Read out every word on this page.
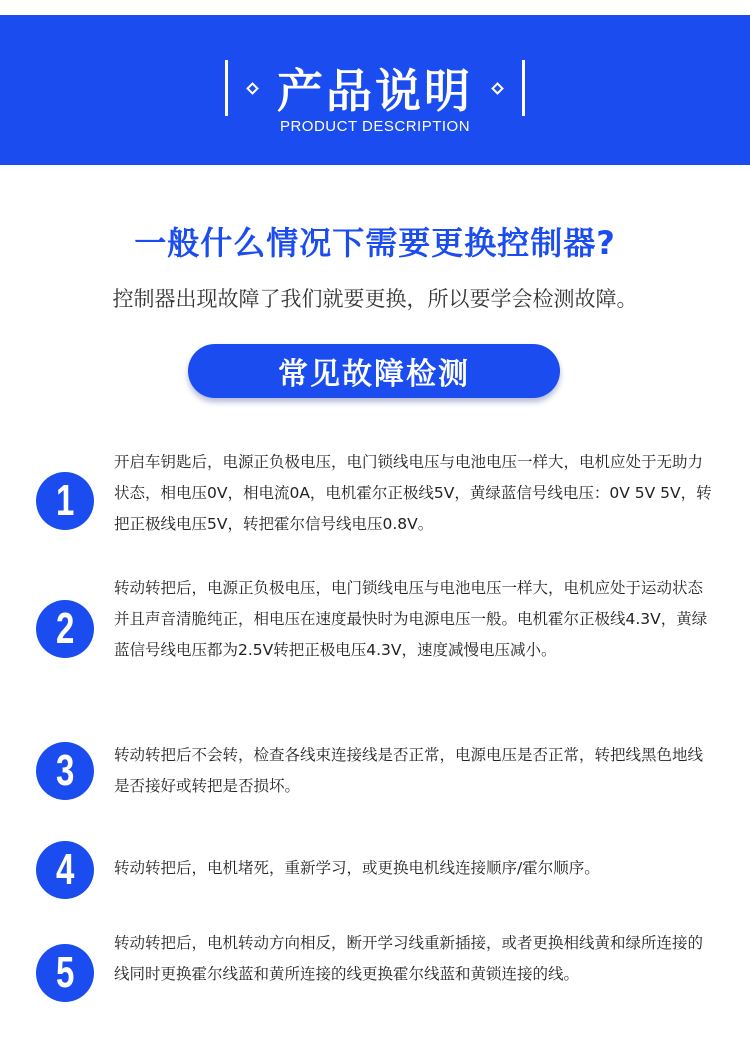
产品说明
PRODUCT DESCRIPTION
一般什么情况下需要更换控制器?
控制器出现故障了我们就要更换，所以要学会检测故障。
常见故障检测
1
开启车钥匙后，电源正负极电压，电门锁线电压与电池电压一样大，电机应处于无助力状态，相电压0V，相电流0A，电机霍尔正极线5V，黄绿蓝信号线电压：0V 5V 5V，转把正极线电压5V，转把霍尔信号线电压0.8V。
2
转动转把后，电源正负极电压，电门锁线电压与电池电压一样大，电机应处于运动状态并且声音清脆纯正，相电压在速度最快时为电源电压一般。电机霍尔正极线4.3V，黄绿蓝信号线电压都为2.5V转把正极电压4.3V，速度减慢电压减小。
3	转动转把后不会转，检查各线束连接线是否正常，电源电压是否正常，转把线黑色地线是否接好或转把是否损坏。
4	转动转把后，电机堵死，重新学习，或更换电机线连接顺序/霍尔顺序。
5
转动转把后，电机转动方向相反，断开学习线重新插接，或者更换相线黄和绿所连接的线同时更换霍尔线蓝和黄所连接的线更换霍尔线蓝和黄锁连接的线。
